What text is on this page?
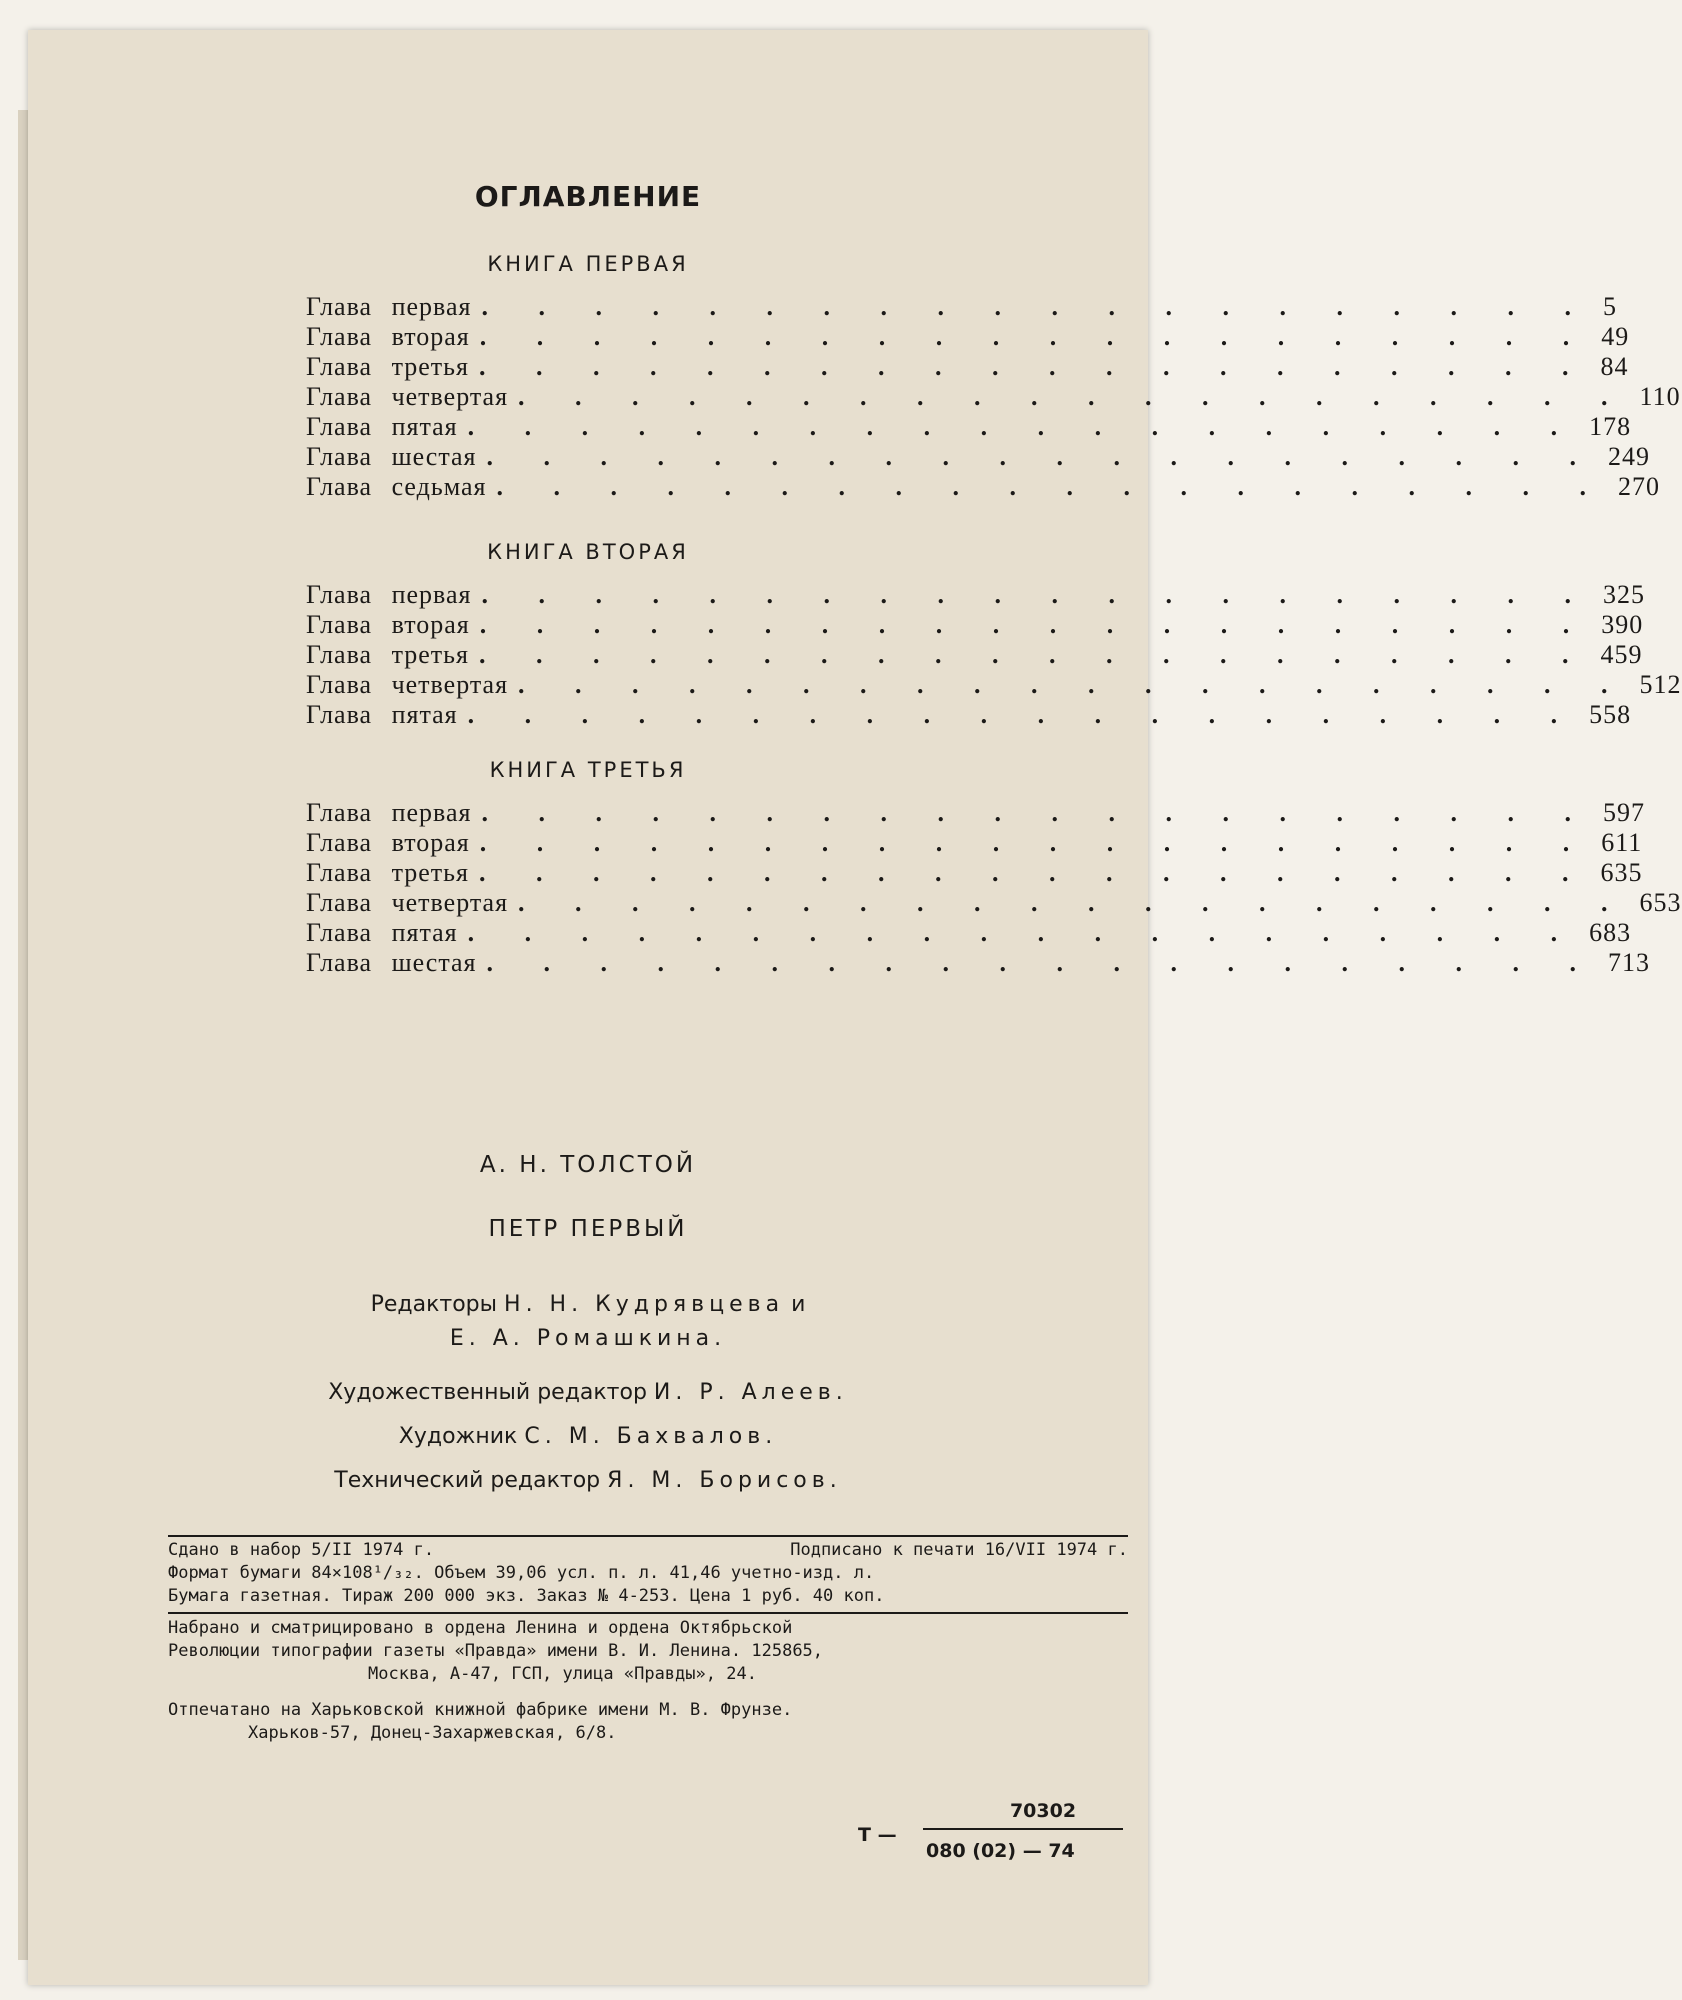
ОГЛАВЛЕНИЕ
КНИГА ПЕРВАЯ
Глава первая . . . . . . . . . . . . . . . . . . . . 5
Глава вторая . . . . . . . . . . . . . . . . . . . . 49
Глава третья . . . . . . . . . . . . . . . . . . . . 84
Глава четвертая . . . . . . . . . . . . . . . . . . . . 110
Глава пятая . . . . . . . . . . . . . . . . . . . . 178
Глава шестая . . . . . . . . . . . . . . . . . . . . 249
Глава седьмая . . . . . . . . . . . . . . . . . . . . 270
КНИГА ВТОРАЯ
Глава первая . . . . . . . . . . . . . . . . . . . . 325
Глава вторая . . . . . . . . . . . . . . . . . . . . 390
Глава третья . . . . . . . . . . . . . . . . . . . . 459
Глава четвертая . . . . . . . . . . . . . . . . . . . . 512
Глава пятая . . . . . . . . . . . . . . . . . . . . 558
КНИГА ТРЕТЬЯ
Глава первая . . . . . . . . . . . . . . . . . . . . 597
Глава вторая . . . . . . . . . . . . . . . . . . . . 611
Глава третья . . . . . . . . . . . . . . . . . . . . 635
Глава четвертая . . . . . . . . . . . . . . . . . . . . 653
Глава пятая . . . . . . . . . . . . . . . . . . . . 683
Глава шестая . . . . . . . . . . . . . . . . . . . . 713
А. Н. ТОЛСТОЙ
ПЕТР ПЕРВЫЙ
Редакторы Н. Н. Кудрявцева и
Е. А. Ромашкина.
Художественный редактор И. Р. Алеев.
Художник С. М. Бахвалов.
Технический редактор Я. М. Борисов.
Сдано в набор 5/II 1974 г.	Подписано к печати 16/VII 1974 г.
Формат бумаги 84×108¹/₃₂. Объем 39,06 усл. п. л. 41,46 учетно-изд. л.
Бумага газетная. Тираж 200 000 экз. Заказ № 4-253. Цена 1 руб. 40 коп.
Набрано и сматрицировано в ордена Ленина и ордена Октябрьской
Революции типографии газеты «Правда» имени В. И. Ленина. 125865,
Москва, А-47, ГСП, улица «Правды», 24.
Отпечатано на Харьковской книжной фабрике имени М. В. Фрунзе.
Харьков-57, Донец-Захаржевская, 6/8.
Т —
70302
080 (02) — 74
